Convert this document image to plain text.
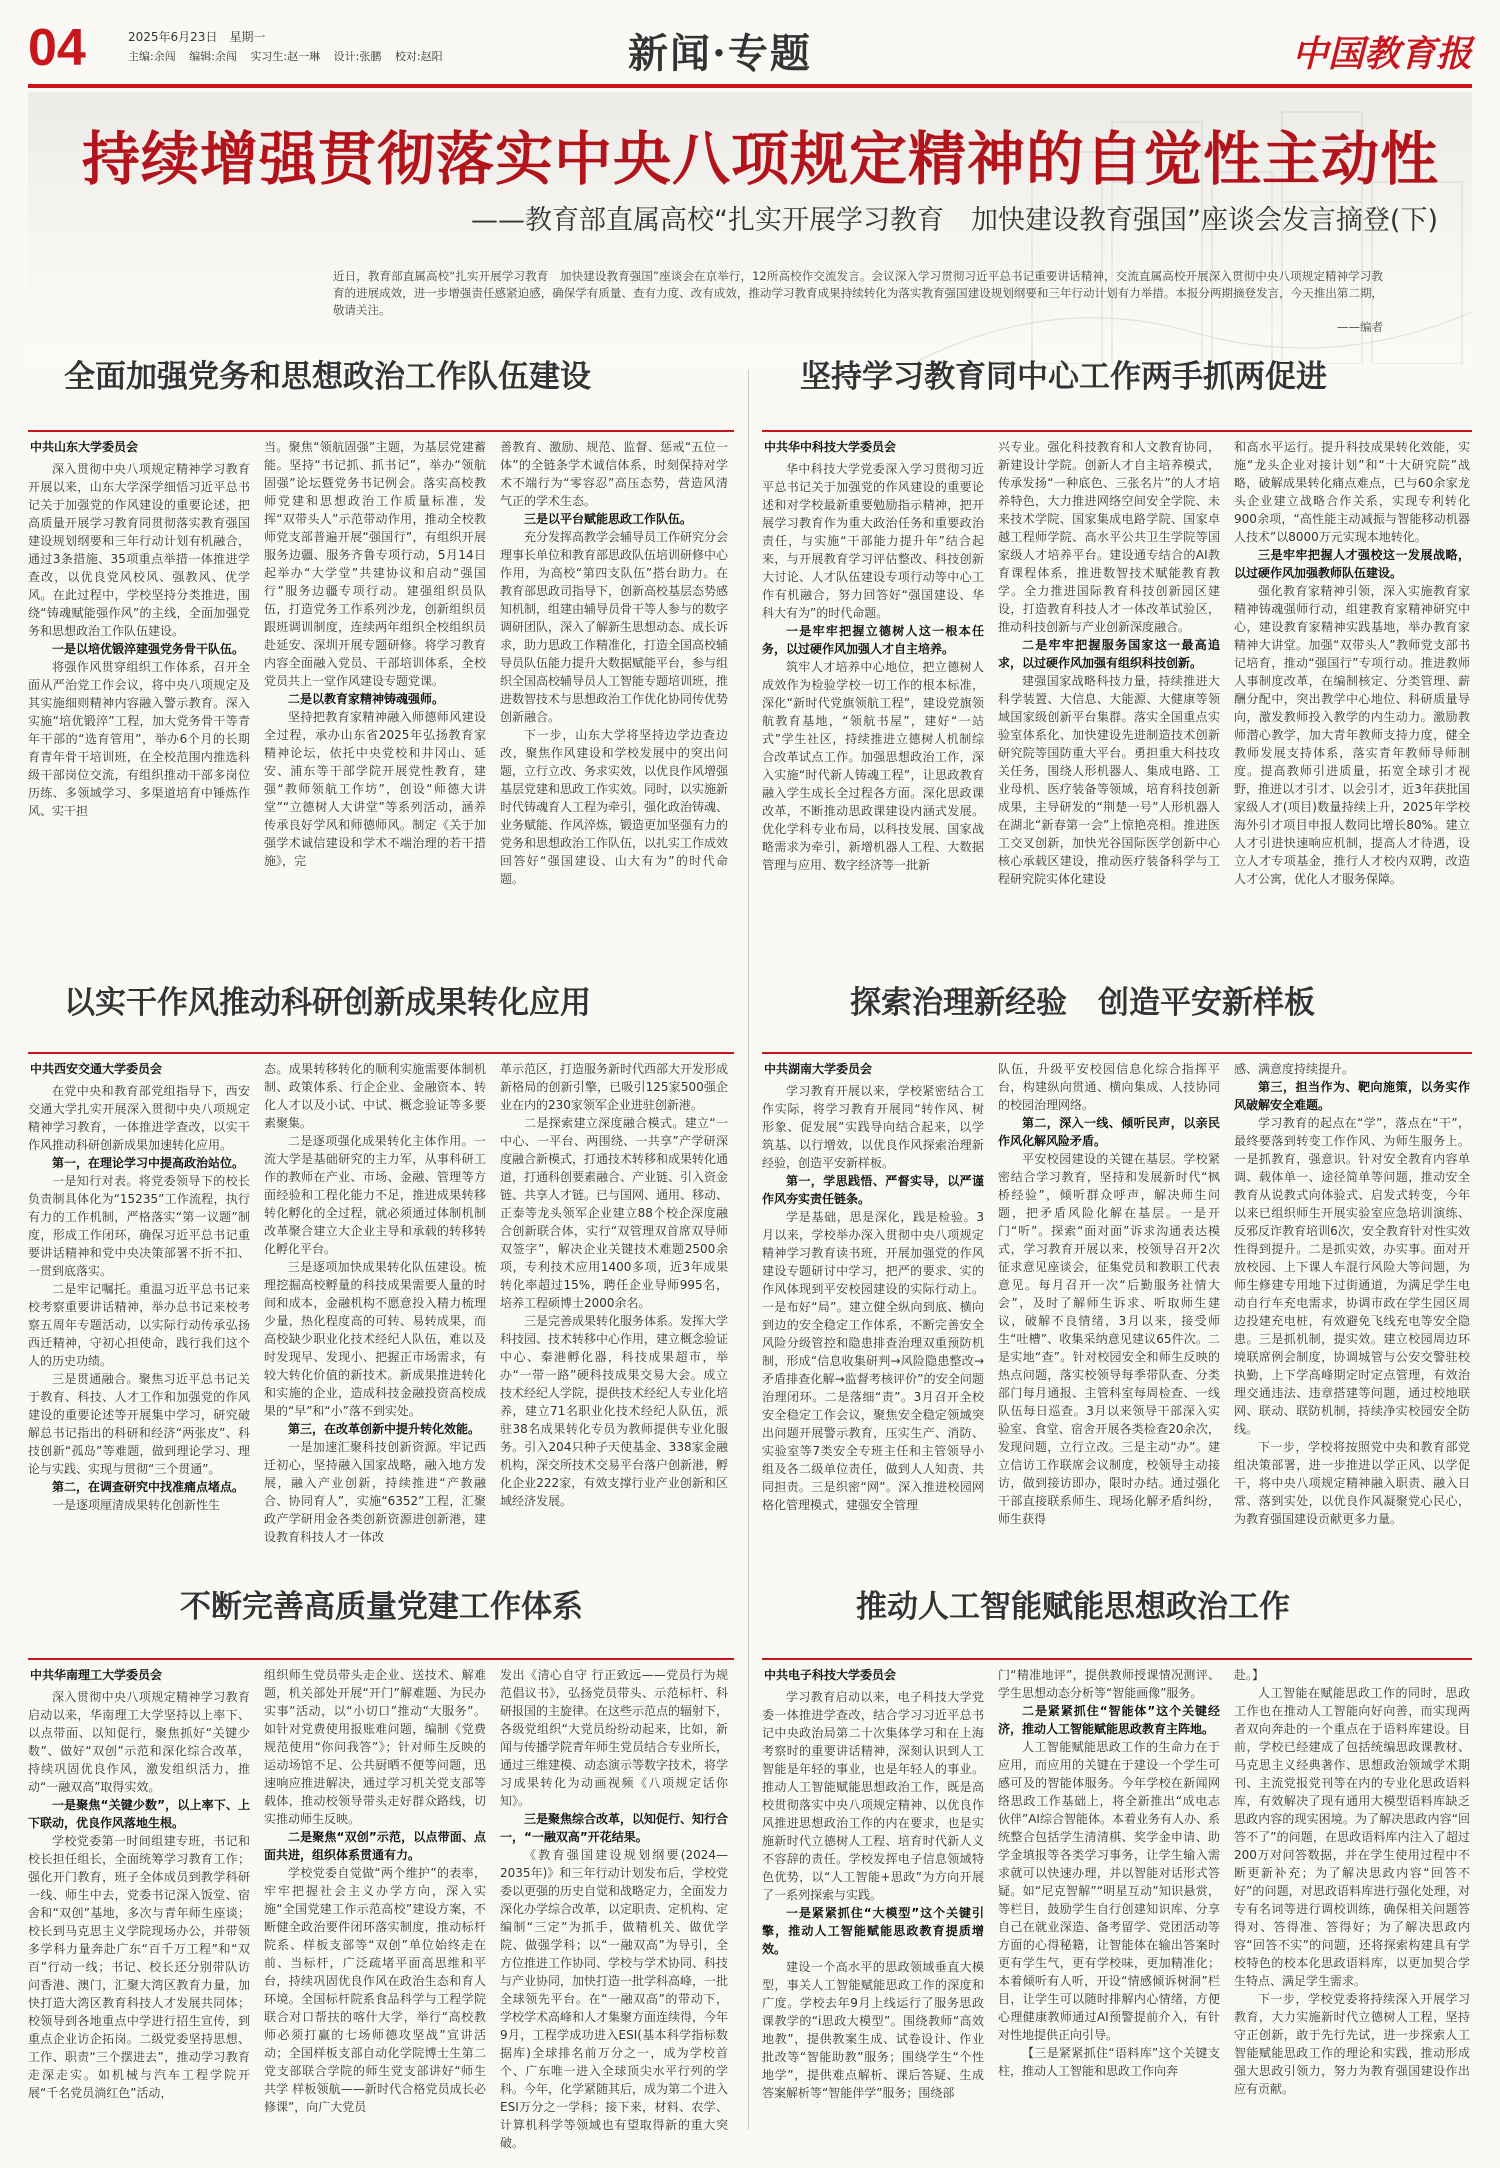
04	2025年6月23日　星期一
主编:余闯 编辑:余闯 实习生:赵一琳 设计:张鹏 校对:赵阳	新闻·专题	中国教育报
持续增强贯彻落实中央八项规定精神的自觉性主动性
——教育部直属高校“扎实开展学习教育　加快建设教育强国”座谈会发言摘登(下)
近日，教育部直属高校“扎实开展学习教育　加快建设教育强国”座谈会在京举行，12所高校作交流发言。会议深入学习贯彻习近平总书记重要讲话精神，交流直属高校开展深入贯彻中央八项规定精神学习教育的进展成效，进一步增强责任感紧迫感，确保学有质量、查有力度、改有成效，推动学习教育成果持续转化为落实教育强国建设规划纲要和三年行动计划有力举措。本报分两期摘登发言，今天推出第二期，敬请关注。
——编者
全面加强党务和思想政治工作队伍建设
中共山东大学委员会

深入贯彻中央八项规定精神学习教育开展以来，山东大学深学细悟习近平总书记关于加强党的作风建设的重要论述，把高质量开展学习教育同贯彻落实教育强国建设规划纲要和三年行动计划有机融合，通过3条措施、35项重点举措一体推进学查改，以优良党风校风、强教风、优学风。在此过程中，学校坚持分类推进，围绕“铸魂赋能强作风”的主线，全面加强党务和思想政治工作队伍建设。

一是以培优锻淬建强党务骨干队伍。

将强作风贯穿组织工作体系，召开全面从严治党工作会议，将中央八项规定及其实施细则精神内容融入警示教育。深入实施“培优锻淬”工程，加大党务骨干等青年干部的“选育管用”，举办6个月的长期育青年骨干培训班，在全校范围内推选科级干部岗位交流，有组织推动干部多岗位历练、多领域学习、多渠道培育中锤炼作风、实干担

当。聚焦“领航固强”主题，为基层党建蓄能。坚持“书记抓、抓书记”，举办“领航固强”论坛暨党务书记例会。落实高校教师党建和思想政治工作质量标准，发挥“双带头人”示范带动作用，推动全校教师党支部普遍开展“强国行”，有组织开展服务边疆、服务齐鲁专项行动，5月14日起举办“大学堂”共建协议和启动“强国行”服务边疆专项行动。建强组织员队伍，打造党务工作系列沙龙，创新组织员跟班调训制度，连续两年组织全校组织员赴延安、深圳开展专题研修。将学习教育内容全面融入党员、干部培训体系，全校党员共上一堂作风建设专题党课。

二是以教育家精神铸魂强师。

坚持把教育家精神融入师德师风建设全过程，承办山东省2025年弘扬教育家精神论坛，依托中央党校和井冈山、延安、浦东等干部学院开展党性教育，建强“教师领航工作坊”，创设“师德大讲堂”“立德树人大讲堂”等系列活动，涵养传承良好学风和师德师风。制定《关于加强学术诚信建设和学术不端治理的若干措施》，完

善教育、激励、规范、监督、惩戒“五位一体”的全链条学术诚信体系，时刻保持对学术不端行为“零容忍”高压态势，营造风清气正的学术生态。

三是以平台赋能思政工作队伍。

充分发挥高教学会辅导员工作研究分会理事长单位和教育部思政队伍培训研修中心作用，为高校“第四支队伍”搭台助力。在教育部思政司指导下，创新高校基层态势感知机制，组建由辅导员骨干等人参与的数字调研团队，深入了解新生思想动态、成长诉求，助力思政工作精准化，打造全国高校辅导员队伍能力提升大数据赋能平台，参与组织全国高校辅导员人工智能专题培训班，推进数智技术与思想政治工作优化协同传优势创新融合。

下一步，山东大学将坚持边学边查边改，聚焦作风建设和学校发展中的突出问题，立行立改、务求实效，以优良作风增强基层党建和思政工作实效。同时，以实施新时代铸魂育人工程为牵引，强化政治铸魂、业务赋能、作风淬炼，锻造更加坚强有力的党务和思想政治工作队伍，以扎实工作成效回答好“强国建设、山大有为”的时代命题。

坚持学习教育同中心工作两手抓两促进
中共华中科技大学委员会

华中科技大学党委深入学习贯彻习近平总书记关于加强党的作风建设的重要论述和对学校最新重要勉励指示精神，把开展学习教育作为重大政治任务和重要政治责任，与实施“干部能力提升年”结合起来，与开展教育学习评估整改、科技创新大讨论、人才队伍建设专项行动等中心工作有机融合，努力回答好“强国建设、华科大有为”的时代命题。

一是牢牢把握立德树人这一根本任务，以过硬作风加强人才自主培养。

筑牢人才培养中心地位，把立德树人成效作为检验学校一切工作的根本标准，深化“新时代党旗领航工程”，建设党旗领航教育基地，“领航书屋”，建好“一站式”学生社区，持续推进立德树人机制综合改革试点工作。加强思想政治工作，深入实施“时代新人铸魂工程”，让思政教育融入学生成长全过程各方面。深化思政课改革，不断推动思政课建设内涵式发展。优化学科专业布局，以科技发展、国家战略需求为牵引，新增机器人工程、大数据管理与应用、数字经济等一批新

兴专业。强化科技教育和人文教育协同，新建设计学院。创新人才自主培养模式，传承发扬“一种底色、三张名片”的人才培养特色，大力推进网络空间安全学院、未来技术学院、国家集成电路学院、国家卓越工程师学院、高水平公共卫生学院等国家级人才培养平台。建设通专结合的AI教育课程体系，推进数智技术赋能教育教学。全力推进国际教育科技创新园区建设，打造教育科技人才一体改革试验区，推动科技创新与产业创新深度融合。

二是牢牢把握服务国家这一最高追求，以过硬作风加强有组织科技创新。

建强国家战略科技力量，持续推进大科学装置、大信息、大能源、大健康等领域国家级创新平台集群。落实全国重点实验室体系化、加快建设先进制造技术创新研究院等国防重大平台。勇担重大科技攻关任务，围绕人形机器人、集成电路、工业母机、医疗装备等领域，培育科技创新成果，主导研发的“荆楚一号”人形机器人在湖北“新春第一会”上惊艳亮相。推进医工交叉创新，加快光谷国际医学创新中心核心承载区建设，推动医疗装备科学与工程研究院实体化建设

和高水平运行。提升科技成果转化效能，实施“龙头企业对接计划”和“十大研究院”战略，破解成果转化痛点难点，已与60余家龙头企业建立战略合作关系，实现专利转化900余项，“高性能主动减振与智能移动机器人技术”以8000万元实现本地转化。

三是牢牢把握人才强校这一发展战略，以过硬作风加强教师队伍建设。

强化教育家精神引领，深入实施教育家精神铸魂强师行动，组建教育家精神研究中心，建设教育家精神实践基地，举办教育家精神大讲堂。加强“双带头人”教师党支部书记培育，推动“强国行”专项行动。推进教师人事制度改革，在编制核定、分类管理、薪酬分配中，突出教学中心地位、科研质量导向，激发教师投入教学的内生动力。激励教师潜心教学，加大青年教师支持力度，健全教师发展支持体系，落实青年教师导师制度。提高教师引进质量，拓宽全球引才视野，推进以才引才、以会引才，近3年获批国家级人才(项目)数量持续上升，2025年学校海外引才项目申报人数同比增长80%。建立人才引进快速响应机制，提高人才待遇，设立人才专项基金，推行人才校内双聘，改造人才公寓，优化人才服务保障。

以实干作风推动科研创新成果转化应用
中共西安交通大学委员会

在党中央和教育部党组指导下，西安交通大学扎实开展深入贯彻中央八项规定精神学习教育，一体推进学查改，以实干作风推动科研创新成果加速转化应用。

第一，在理论学习中提高政治站位。

一是知行对表。将党委领导下的校长负责制具体化为“15235”工作流程，执行有力的工作机制，严格落实“第一议题”制度，形成工作闭环，确保习近平总书记重要讲话精神和党中央决策部署不折不扣、一贯到底落实。

二是牢记嘱托。重温习近平总书记来校考察重要讲话精神，举办总书记来校考察五周年专题活动，以实际行动传承弘扬西迁精神，守初心担使命，践行我们这个人的历史功绩。

三是贯通融合。聚焦习近平总书记关于教育、科技、人才工作和加强党的作风建设的重要论述等开展集中学习，研究破解总书记指出的科研和经济“两张皮”、科技创新“孤岛”等难题，做到理论学习、理论与实践、实现与贯彻“三个贯通”。

第二，在调查研究中找准痛点堵点。

一是逐项厘清成果转化创新性生

态。成果转移转化的顺利实施需要体制机制、政策体系、行企企业、金融资本、转化人才以及小试、中试、概念验证等多要素聚集。

二是逐项强化成果转化主体作用。一流大学是基础研究的主力军，从事科研工作的教师在产业、市场、金融、管理等方面经验和工程化能力不足，推进成果转移转化孵化的全过程，就必须通过体制机制改革聚合建立大企业主导和承载的转移转化孵化平台。

三是逐项加快成果转化队伍建设。梳理挖掘高校孵量的科技成果需要人量的时间和成本，金融机构不愿意投入精力梳理少量，热化程度高的可转、易转成果，而高校缺少职业化技术经纪人队伍，难以及时发现早、发现小、把握正市场需求，有较大转化价值的新技术。新成果推进转化和实施的企业，造成科技金融投资高校成果的“早”和“小”落不到实处。

第三，在改革创新中提升转化效能。

一是加速汇聚科技创新资源。牢记西迁初心，坚持融入国家战略，融入地方发展，融入产业创新，持续推进“产教融合、协同育人”，实施“6352”工程，汇聚政产学研用金各类创新资源进创新港，建设教育科技人才一体改

革示范区，打造服务新时代西部大开发形成新格局的创新引擎，已吸引125家500强企业在内的230家领军企业进驻创新港。

二是探索建立深度融合模式。建立“一中心、一平台、两围绕、一共享”产学研深度融合新模式，打通技术转移和成果转化通道，打通科创要素融合、产业链、引入资金链、共享人才链。已与国网、通用、移动、正泰等龙头领军企业建立88个校企深度融合创新联合体，实行“双管理双首席双导师双签字”，解决企业关键技术难题2500余项，专利技术应用1400多项，近3年成果转化率超过15%，聘任企业导师995名，培养工程硕博士2000余名。

三是完善成果转化服务体系。发挥大学科技园、技术转移中心作用，建立概念验证中心、秦港孵化器，科技成果超市，举办“一带一路”硬科技成果交易大会。成立技术经纪人学院，提供技术经纪人专业化培养，建立71名职业化技术经纪人队伍，派驻38名成果转化专员为教师提供专业化服务。引入204只种子天使基金、338家金融机构，深交所技术交易平台落户创新港，孵化企业222家，有效支撑行业产业创新和区域经济发展。

探索治理新经验　创造平安新样板
中共湖南大学委员会

学习教育开展以来，学校紧密结合工作实际，将学习教育开展同“转作风、树形象、促发展”实践导向结合起来，以学筑基、以行增效，以优良作风探索治理新经验，创造平安新样板。

第一，学思践悟、严督实导，以严谨作风夯实责任链条。

学是基础，思是深化，践是检验。3月以来，学校举办深入贯彻中央八项规定精神学习教育读书班，开展加强党的作风建设专题研讨中学习，把严的要求、实的作风体现到平安校园建设的实际行动上。一是布好“局”。建立健全纵向到底、横向到边的安全稳定工作体系，不断完善安全风险分级管控和隐患排查治理双重预防机制，形成“信息收集研判→风险隐患整改→矛盾排查化解→监督考核评价”的安全问题治理闭环。二是落细“责”。3月召开全校安全稳定工作会议，聚焦安全稳定领域突出问题开展警示教育，压实生产、消防、实验室等7类安全专班主任和主管领导小组及各二级单位责任，做到人人知责、共同担责。三是织密“网”。深入推进校园网格化管理模式，建强安全管理

队伍，升级平安校园信息化综合指挥平台，构建纵向贯通、横向集成、人技协同的校园治理网络。

第二，深入一线、倾听民声，以亲民作风化解风险矛盾。

平安校园建设的关键在基层。学校紧密结合学习教育，坚持和发展新时代“枫桥经验”，倾听群众呼声，解决师生问题，把矛盾风险化解在基层。一是开门“听”。探索“面对面”诉求沟通表达模式，学习教育开展以来，校领导召开2次征求意见座谈会，征集党员和教职工代表意见。每月召开一次“后勤服务社情大会”，及时了解师生诉求、听取师生建议，破解不良情绪，3月以来，接受师生“吐槽”、收集采纳意见建议65件次。二是实地“查”。针对校园安全和师生反映的热点问题，落实校领导每季带队查、分类部门每月通报、主管科室每周检查、一线队伍每日巡查。3月以来领导干部深入实验室、食堂、宿舍开展各类检查20余次，发现问题，立行立改。三是主动“办”。建立信访工作联席会议制度，校领导主动接访，做到接访即办，限时办结。通过强化干部直接联系师生、现场化解矛盾纠纷，师生获得

感、满意度持续提升。

第三，担当作为、靶向施策，以务实作风破解安全难题。

学习教育的起点在“学”，落点在“干”，最终要落到转变工作作风、为师生服务上。一是抓教育，强意识。针对安全教育内容单调、载体单一、途径简单等问题，推动安全教育从说教式向体验式、启发式转变，今年以来已组织师生开展实验室应急培训演练、反邪反诈教育培训6次，安全教育针对性实效性得到提升。二是抓实效，办实事。面对开放校园、上下课人车混行风险大等问题，为师生修建专用地下过街通道，为满足学生电动自行车充电需求，协调市政在学生园区周边投建充电桩，有效避免飞线充电等安全隐患。三是抓机制，提实效。建立校园周边环境联席例会制度，协调城管与公安交警驻校执勤，上下学高峰期定时定点管理，有效治理交通违法、违章搭建等问题，通过校地联网、联动、联防机制，持续净实校园安全防线。

下一步，学校将按照党中央和教育部党组决策部署，进一步推进以学正风、以学促干，将中央八项规定精神融入职责、融入日常、落到实处，以优良作风凝聚党心民心，为教育强国建设贡献更多力量。

不断完善高质量党建工作体系
中共华南理工大学委员会

深入贯彻中央八项规定精神学习教育启动以来，华南理工大学坚持以上率下、以点带面、以知促行，聚焦抓好“关键少数”、做好“双创”示范和深化综合改革，持续巩固优良作风，激发组织活力，推动“一融双高”取得实效。

一是聚焦“关键少数”，以上率下、上下联动，优良作风落地生根。

学校党委第一时间组建专班，书记和校长担任组长，全面统筹学习教育工作；强化开门教育，班子全体成员到教学科研一线、师生中去，党委书记深入饭堂、宿舍和“双创”基地，多次与青年师生座谈；校长到马克思主义学院现场办公，并带领多学科力量奔赴广东“百千万工程”和“双百”行动一线；书记、校长还分别带队访问香港、澳门，汇聚大湾区教育力量，加快打造大湾区教育科技人才发展共同体；校领导到各地重点中学进行招生宣传，到重点企业访企拓岗。二级党委坚持思想、工作、职责“三个摆进去”，推动学习教育走深走实。如机械与汽车工程学院开展“千名党员淌红色”活动，

组织师生党员带头走企业、送技术、解难题，机关部处开展“开门”解难题、为民办实事”活动，以“小切口”推动“大服务”。如针对党费使用报账难问题，编制《党费规范使用“你问我答”》；针对师生反映的运动场馆不足、公共厨晒不便等问题，迅速响应推进解决，通过学习机关党支部等载体，推动校领导带头走好群众路线，切实推动师生反映。

二是聚焦“双创”示范，以点带面、点面共进，组织体系贯通有力。

学校党委自觉做“两个维护”的表率，牢牢把握社会主义办学方向，深入实施“全国党建工作示范高校”建设方案，不断健全政治要件闭环落实制度，推动标杆院系、样板支部等“双创”单位始终走在前、当标杆，广泛疏堵平面高思维和平台，持续巩固优良作风在政治生态和育人环境。全国标杆院系食品科学与工程学院联合对口帮扶的喀什大学，举行“高校教师必须打赢的七场师德攻坚战”宣讲活动；全国样板支部自动化学院博士生第二党支部联合学院的师生党支部讲好“师生共学 样板领航——新时代合格党员成长必修课”，向广大党员

发出《清心自守 行正致远——党员行为规范倡议书》，弘扬党员带头、示范标杆、科研报国的主旋律。在这些示范点的辐射下，各级党组织“大党员纷纷动起来，比如，新闻与传播学院青年师生党员结合专业所长，通过三维建模、动态演示等数字技术，将学习成果转化为动画视频《八项规定话你知》。

三是聚焦综合改革，以知促行、知行合一，“一融双高”开花结果。

《教育强国建设规划纲要(2024—2035年)》和三年行动计划发布后，学校党委以更强的历史自觉和战略定力，全面发力深化办学综合改革，以定职责、定机构、定编制“三定”为抓手，做精机关、做优学院、做强学科；以“一融双高”为导引，全方位推进工作协同、学校与学术协同、科技与产业协同，加快打造一批学科高峰，一批全球领先平台。在“一融双高”的带动下，学校学术高峰和人才集聚方面连续得，今年9月，工程学成功进入ESI(基本科学指标数据库)全球排名前万分之一，成为学校首个、广东唯一进入全球顶尖水平行列的学科。今年，化学紧随其后，成为第二个进入ESI万分之一学科；接下来，材料、农学、计算机科学等领域也有望取得新的重大突破。

推动人工智能赋能思想政治工作
中共电子科技大学委员会

学习教育启动以来，电子科技大学党委一体推进学查改，结合学习习近平总书记中央政治局第二十次集体学习和在上海考察时的重要讲话精神，深刻认识到人工智能是年轻的事业，也是年轻人的事业。推动人工智能赋能思想政治工作，既是高校贯彻落实中央八项规定精神、以优良作风推进思想政治工作的内在要求，也是实施新时代立德树人工程、培育时代新人义不容辞的责任。学校发挥电子信息领域特色优势，以“人工智能+思政”为方向开展了一系列探索与实践。

一是紧紧抓住“大模型”这个关键引擎，推动人工智能赋能思政教育提质增效。

建设一个高水平的思政领域垂直大模型，事关人工智能赋能思政工作的深度和广度。学校去年9月上线运行了服务思政课教学的“i思政大模型”。围绕教师“高效地教”，提供教案生成、试卷设计、作业批改等“智能助教”服务；围绕学生“个性地学”，提供难点解析、课后答疑、生成答案解析等“智能伴学”服务；围绕部

门“精准地评”，提供教师授课情况测评、学生思想动态分析等“智能画像”服务。

二是紧紧抓住“智能体”这个关键经济，推动人工智能赋能思政教育主阵地。

人工智能赋能思政工作的生命力在于应用，而应用的关键在于建设一个学生可感可及的智能体服务。今年学校在新闻网络思政工作基础上，将全新推出“成电志伙伴”AI综合智能体。本着业务有人办、系统整合包括学生清清棋、奖学金申请、助学金填报等各类学习事务，让学生输入需求就可以快速办理，并以智能对话形式答疑。如“尼克智解”“明星互动”知识悬赏，等栏目，鼓励学生自行创建知识库、分享自己在就业深造、备考留学、党团活动等方面的心得秘籍，让智能体在输出答案时更有学生气，更有学校味，更加精准化；本着倾听有人听，开设“情感倾诉树洞”栏目，让学生可以随时排解内心情绪，方便心理健康教师通过AI预警提前介入，有针对性地提供正向引导。

【三是紧紧抓住“语料库”这个关键支柱，推动人工智能和思政工作向奔

赴。】

人工智能在赋能思政工作的同时，思政工作也在推动人工智能向好向善，而实现两者双向奔赴的一个重点在于语料库建设。目前，学校已经建成了包括统编思政课教材、马克思主义经典著作、思想政治领域学术期刊、主流党报党刊等在内的专业化思政语料库，有效解决了现有通用大模型语料库缺乏思政内容的现实困境。为了解决思政内容“回答不了”的问题，在思政语料库内注入了超过200万对问答数据，并在学生使用过程中不断更新补充；为了解决思政内容“回答不好”的问题，对思政语料库进行强化处理，对专有名词等进行调校训练，确保相关问题答得对、答得准、答得好；为了解决思政内容“回答不实”的问题，还将探索构建具有学校特色的校本化思政语料库，以更加契合学生特点、满足学生需求。

下一步，学校党委将持续深入开展学习教育，大力实施新时代立德树人工程，坚持守正创新，敢于先行先试，进一步探索人工智能赋能思政工作的理论和实践，推动形成强大思政引领力，努力为教育强国建设作出应有贡献。
